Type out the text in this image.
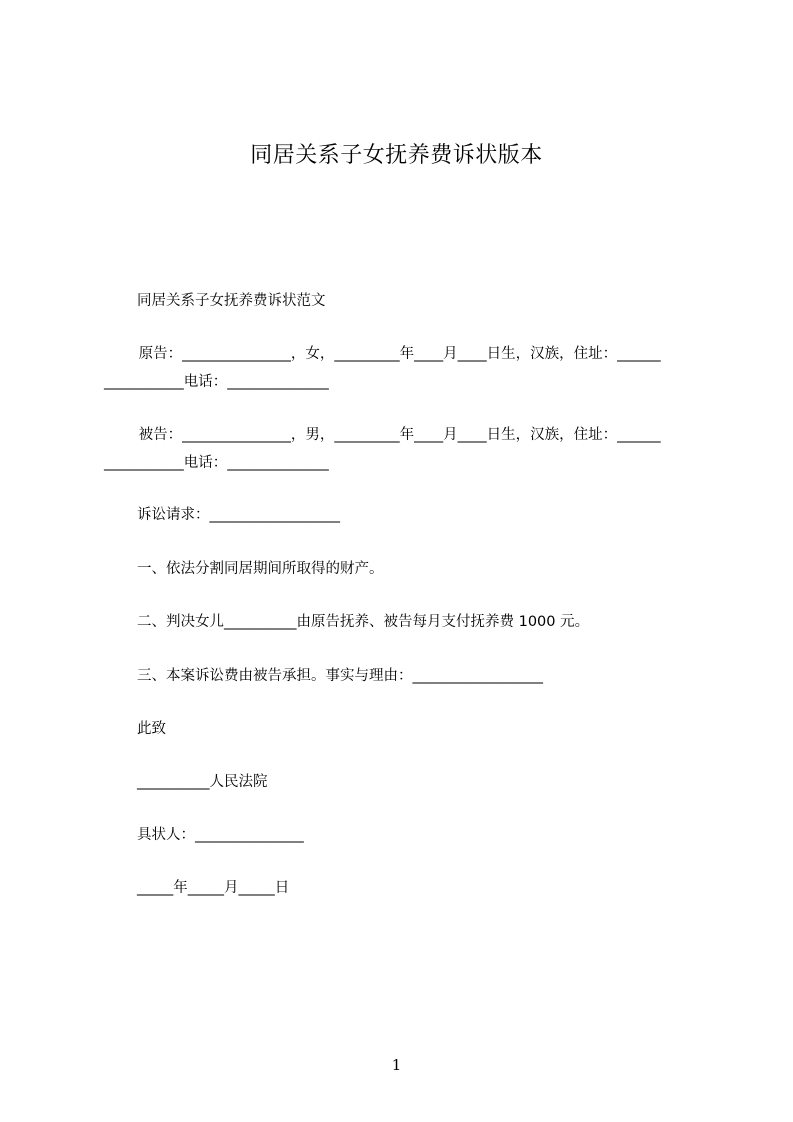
同居关系子女抚养费诉状版本
同居关系子女抚养费诉状范文
原告：_______________，女，_________年____月____日生，汉族，住址：______
___________电话：______________
被告：_______________，男，_________年____月____日生，汉族，住址：______
___________电话：______________
诉讼请求：__________________
一、依法分割同居期间所取得的财产。
二、判决女儿__________由原告抚养、被告每月支付抚养费 1000 元。
三、本案诉讼费由被告承担。事实与理由：__________________
此致
__________人民法院
具状人：_______________
_____年_____月_____日
1
